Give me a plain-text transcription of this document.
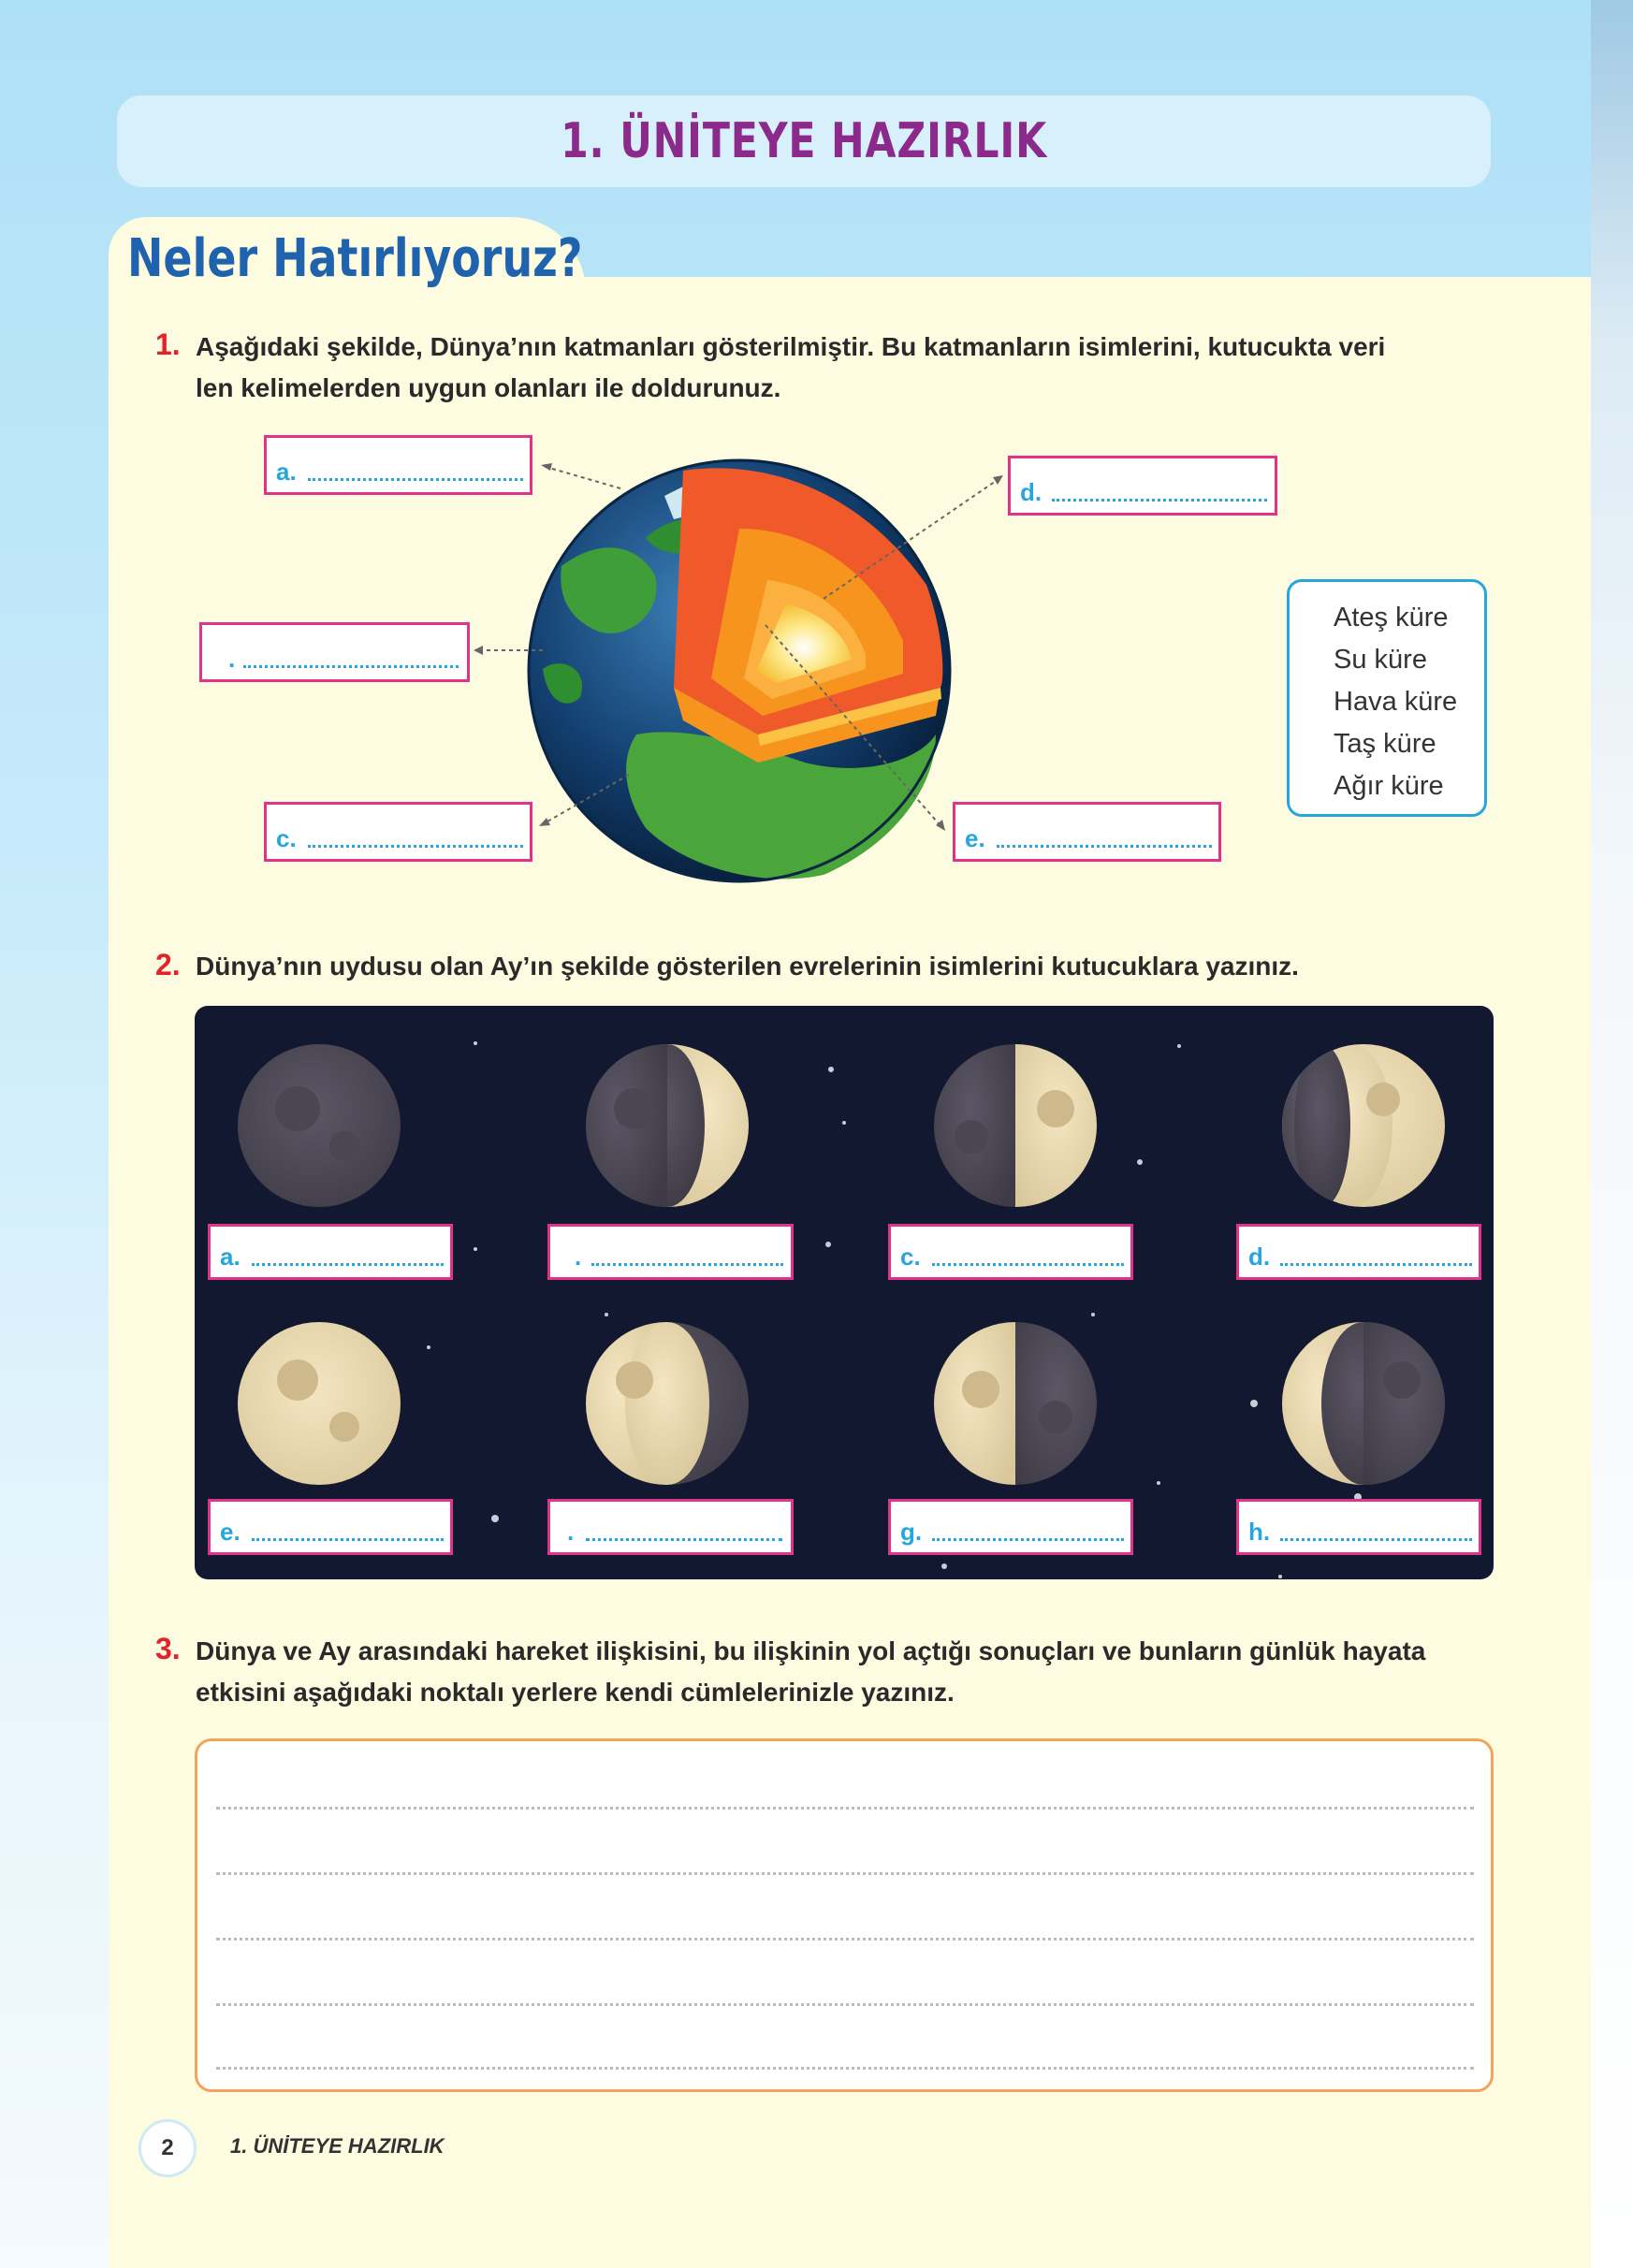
1. ÜNİTEYE HAZIRLIK
Neler Hatırlıyoruz?
1. Aşağıdaki şekilde, Dünya’nın katmanları gösterilmiştir. Bu katmanların isimlerini, kutucukta veri
len kelimelerden uygun olanları ile doldurunuz.
a.
.
c.
d.
e.
Ateş küre
Su küre
Hava küre
Taş küre
Ağır küre
2. Dünya’nın uydusu olan Ay’ın şekilde gösterilen evrelerinin isimlerini kutucuklara yazınız.
a.	.	c.	d.
e.	.	g.	h.
3. Dünya ve Ay arasındaki hareket ilişkisini, bu ilişkinin yol açtığı sonuçları ve bunların günlük hayata
etkisini aşağıdaki noktalı yerlere kendi cümlelerinizle yazınız.
2	1. ÜNİTEYE HAZIRLIK
